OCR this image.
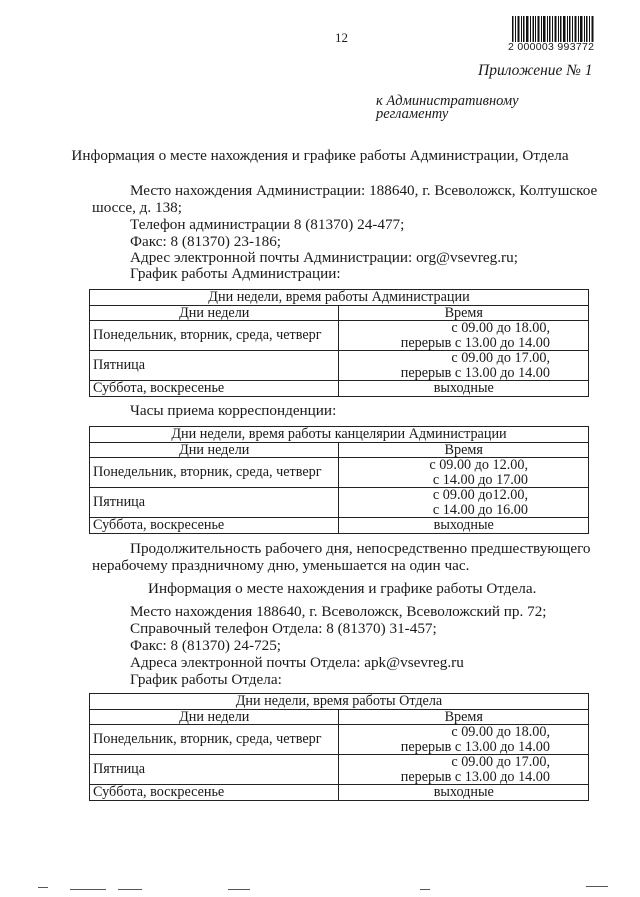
12
2 000003 993772
Приложение № 1
к Административному
регламенту
Информация о месте нахождения и графике работы Администрации, Отдела
Место нахождения Администрации: 188640, г. Всеволожск, Колтушское
шоссе, д. 138;
Телефон администрации 8 (81370) 24-477;
Факс: 8 (81370) 23-186;
Адрес электронной почты Администрации: org@vsevreg.ru;
График работы Администрации:
Дни недели, время работы Администрации	
Дни недели	Время
Понедельник, вторник, среда, четверг	с 09.00 до 18.00,
перерыв с 13.00 до 14.00

Пятница	с 09.00 до 17.00,
перерыв с 13.00 до 14.00

Суббота, воскресенье	выходные
Часы приема корреспонденции:
Дни недели, время работы канцелярии Администрации	
Дни недели	Время
Понедельник, вторник, среда, четверг	с 09.00 до 12.00,
с 14.00 до 17.00

Пятница	с 09.00 до12.00,
с 14.00 до 16.00

Суббота, воскресенье	выходные
Продолжительность рабочего дня, непосредственно предшествующего
нерабочему праздничному дню, уменьшается на один час.
Информация о месте нахождения и графике работы Отдела.
Место нахождения 188640, г. Всеволожск, Всеволожский пр. 72;
Справочный телефон Отдела: 8 (81370) 31-457;
Факс: 8 (81370) 24-725;
Адреса электронной почты Отдела: apk@vsevreg.ru
График работы Отдела:
Дни недели, время работы Отдела	
Дни недели	Время
Понедельник, вторник, среда, четверг	с 09.00 до 18.00,
перерыв с 13.00 до 14.00

Пятница	с 09.00 до 17.00,
перерыв с 13.00 до 14.00

Суббота, воскресенье	выходные
